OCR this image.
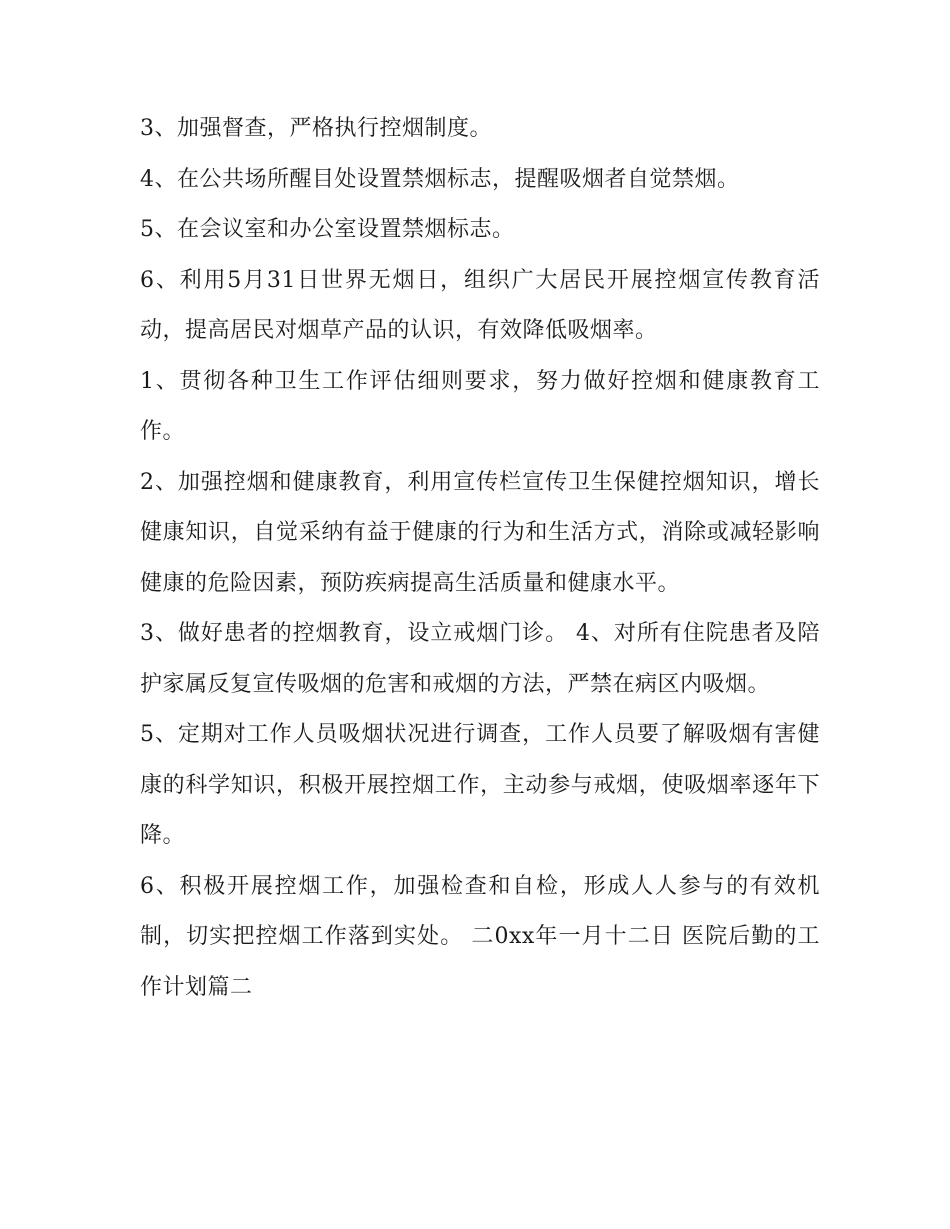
3、加强督查，严格执行控烟制度。

4、在公共场所醒目处设置禁烟标志，提醒吸烟者自觉禁烟。

5、在会议室和办公室设置禁烟标志。

6、利用5月31日世界无烟日，组织广大居民开展控烟宣传教育活动，提高居民对烟草产品的认识，有效降低吸烟率。

1、贯彻各种卫生工作评估细则要求，努力做好控烟和健康教育工作。

2、加强控烟和健康教育，利用宣传栏宣传卫生保健控烟知识，增长健康知识，自觉采纳有益于健康的行为和生活方式，消除或减轻影响健康的危险因素，预防疾病提高生活质量和健康水平。

3、做好患者的控烟教育，设立戒烟门诊。 4、对所有住院患者及陪护家属反复宣传吸烟的危害和戒烟的方法，严禁在病区内吸烟。

5、定期对工作人员吸烟状况进行调查，工作人员要了解吸烟有害健康的科学知识，积极开展控烟工作，主动参与戒烟，使吸烟率逐年下降。

6、积极开展控烟工作，加强检查和自检，形成人人参与的有效机制，切实把控烟工作落到实处。 二0xx年一月十二日 医院后勤的工作计划篇二
